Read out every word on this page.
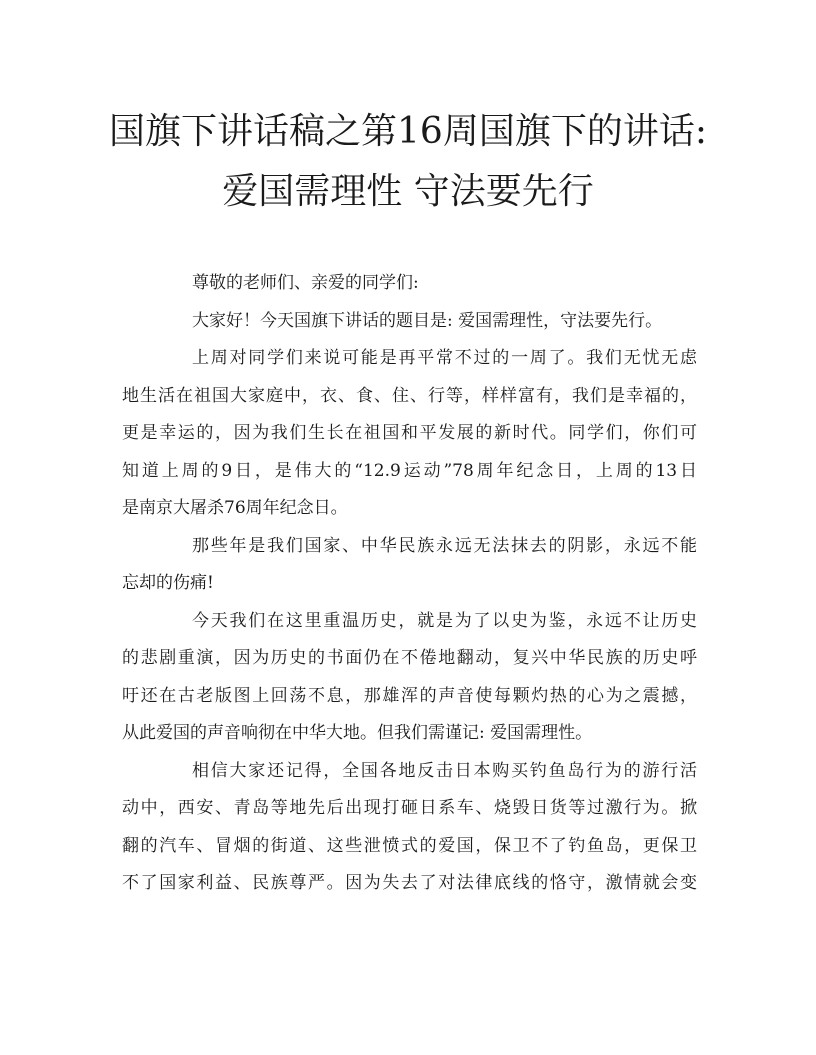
国旗下讲话稿之第16周国旗下的讲话:
爱国需理性 守法要先行

尊敬的老师们、亲爱的同学们:

大家好！今天国旗下讲话的题目是: 爱国需理性，守法要先行。

上周对同学们来说可能是再平常不过的一周了。我们无忧无虑

地生活在祖国大家庭中，衣、食、住、行等，样样富有，我们是幸福的，

更是幸运的，因为我们生长在祖国和平发展的新时代。同学们，你们可

知道上周的9日，是伟大的“12.9运动”78周年纪念日，上周的13日

是南京大屠杀76周年纪念日。

那些年是我们国家、中华民族永远无法抹去的阴影，永远不能

忘却的伤痛!

今天我们在这里重温历史，就是为了以史为鉴，永远不让历史

的悲剧重演，因为历史的书面仍在不倦地翻动，复兴中华民族的历史呼

吁还在古老版图上回荡不息，那雄浑的声音使每颗灼热的心为之震撼，

从此爱国的声音响彻在中华大地。但我们需谨记: 爱国需理性。

相信大家还记得，全国各地反击日本购买钓鱼岛行为的游行活

动中，西安、青岛等地先后出现打砸日系车、烧毁日货等过激行为。掀

翻的汽车、冒烟的街道、这些泄愤式的爱国，保卫不了钓鱼岛，更保卫

不了国家利益、民族尊严。因为失去了对法律底线的恪守，激情就会变
